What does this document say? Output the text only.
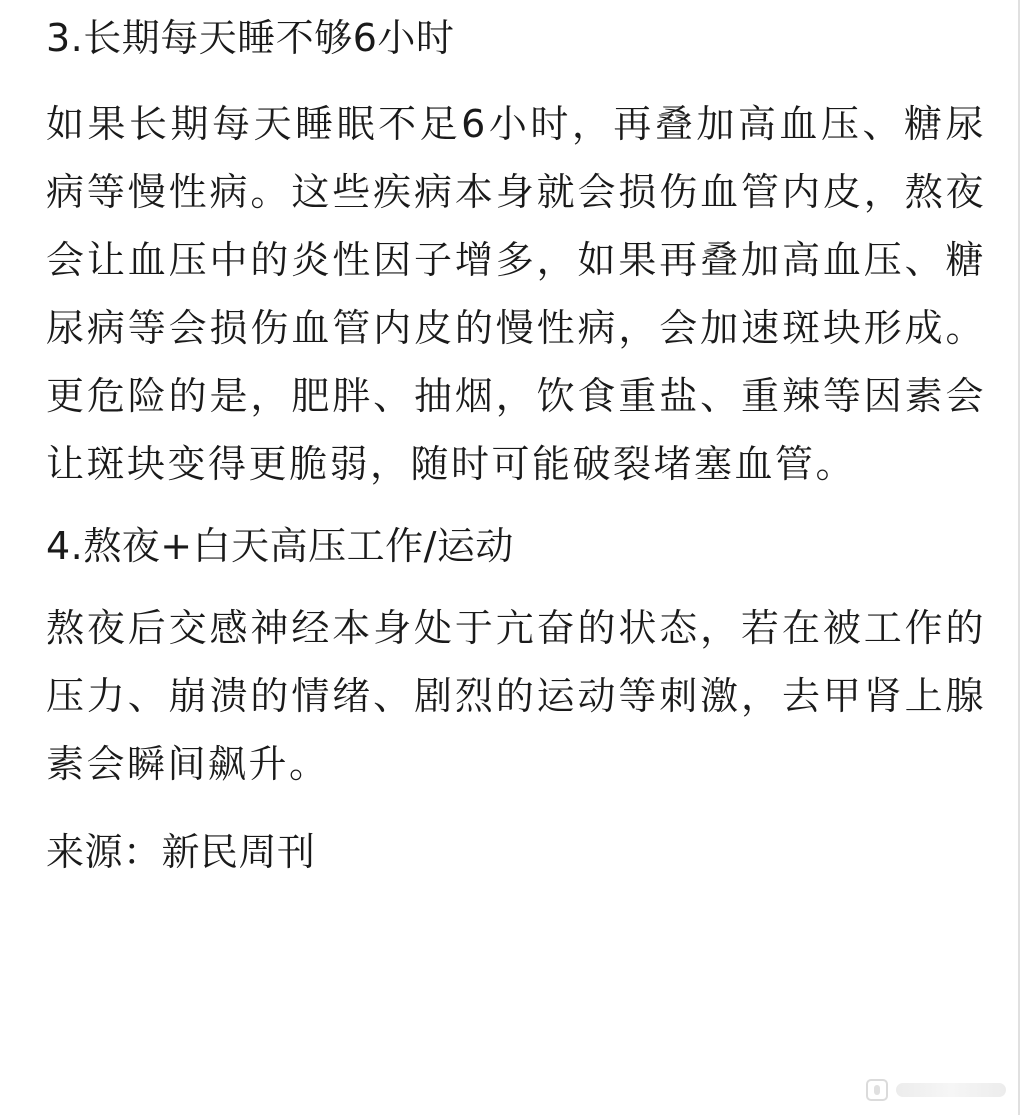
3.长期每天睡不够6小时

如果长期每天睡眠不足6小时，再叠加高血压、糖尿病等慢性病。这些疾病本身就会损伤血管内皮，熬夜会让血压中的炎性因子增多，如果再叠加高血压、糖尿病等会损伤血管内皮的慢性病，会加速斑块形成。更危险的是，肥胖、抽烟，饮食重盐、重辣等因素会让斑块变得更脆弱，随时可能破裂堵塞血管。

4.熬夜+白天高压工作/运动

熬夜后交感神经本身处于亢奋的状态，若在被工作的压力、崩溃的情绪、剧烈的运动等刺激，去甲肾上腺素会瞬间飙升。

来源：新民周刊
